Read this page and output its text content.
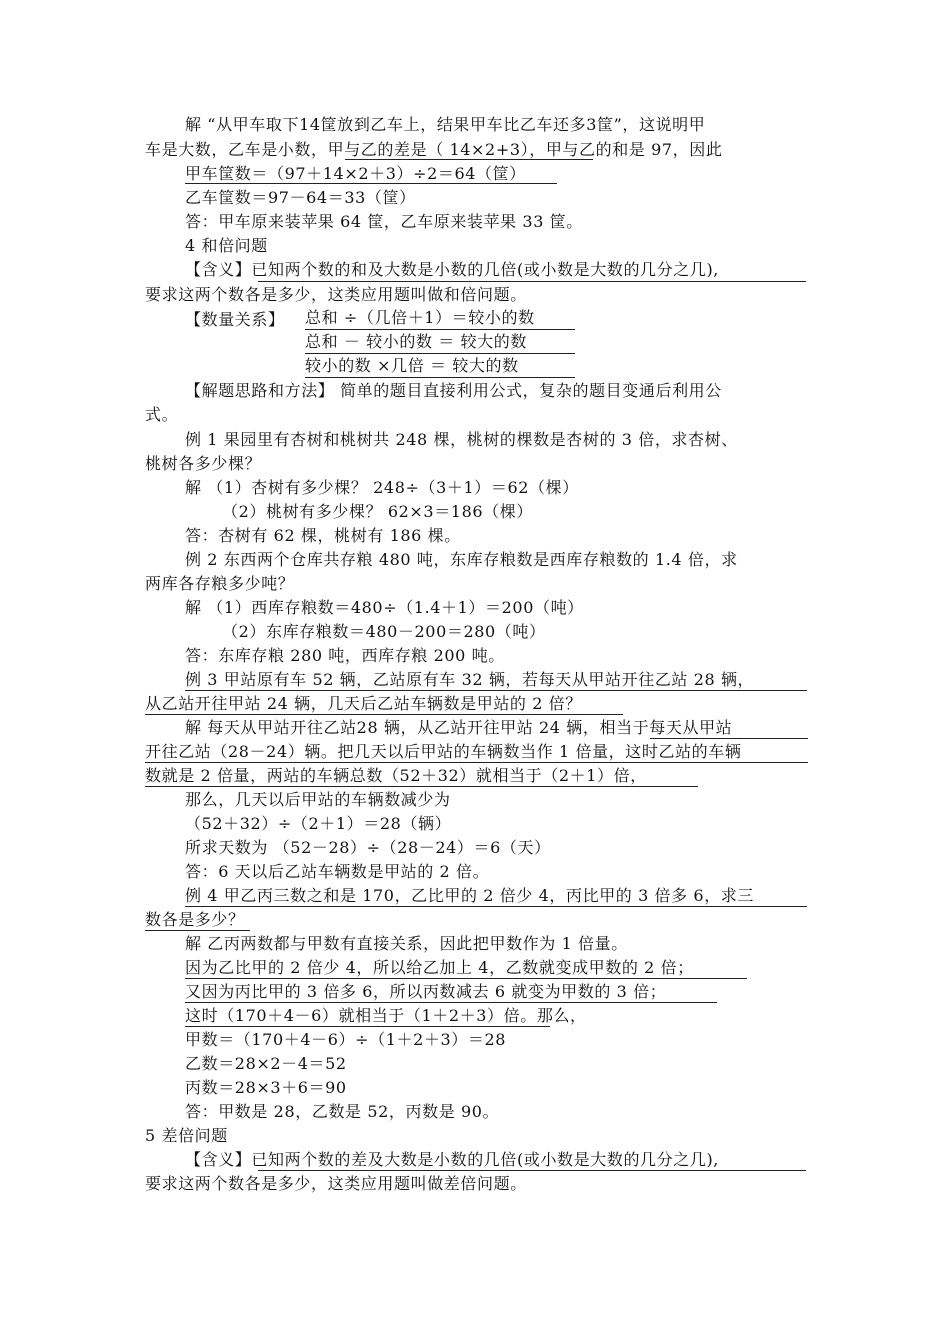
解 “从甲车取下14筐放到乙车上，结果甲车比乙车还多3筐”，这说明甲
车是大数，乙车是小数，甲与乙的差是（ 14×2+3），甲与乙的和是 97，因此
甲车筐数＝（97＋14×2＋3）÷2＝64（筐）
乙车筐数＝97－64＝33（筐）
答：甲车原来装苹果 64 筐，乙车原来装苹果 33 筐。
4 和倍问题
【含义】已知两个数的和及大数是小数的几倍(或小数是大数的几分之几),
要求这两个数各是多少，这类应用题叫做和倍问题。
【数量关系】 总和 ÷（几倍＋1）＝较小的数
总和 － 较小的数 ＝ 较大的数
较小的数 ×几倍 ＝ 较大的数
【解题思路和方法】 简单的题目直接利用公式，复杂的题目变通后利用公
式。
例 1 果园里有杏树和桃树共 248 棵，桃树的棵数是杏树的 3 倍，求杏树、
桃树各多少棵？
解 （1）杏树有多少棵？ 248÷（3＋1）＝62（棵）
（2）桃树有多少棵？ 62×3＝186（棵）
答：杏树有 62 棵，桃树有 186 棵。
例 2 东西两个仓库共存粮 480 吨，东库存粮数是西库存粮数的 1.4 倍，求
两库各存粮多少吨？
解 （1）西库存粮数＝480÷（1.4＋1）＝200（吨）
（2）东库存粮数＝480－200＝280（吨）
答：东库存粮 280 吨，西库存粮 200 吨。
例 3 甲站原有车 52 辆，乙站原有车 32 辆，若每天从甲站开往乙站 28 辆，
从乙站开往甲站 24 辆，几天后乙站车辆数是甲站的 2 倍？
解 每天从甲站开往乙站28 辆，从乙站开往甲站 24 辆，相当于每天从甲站
开往乙站（28－24）辆。把几天以后甲站的车辆数当作 1 倍量，这时乙站的车辆
数就是 2 倍量，两站的车辆总数（52＋32）就相当于（2＋1）倍，
那么，几天以后甲站的车辆数减少为
（52＋32）÷（2＋1）＝28（辆）
所求天数为 （52－28）÷（28－24）＝6（天）
答：6 天以后乙站车辆数是甲站的 2 倍。
例 4 甲乙丙三数之和是 170，乙比甲的 2 倍少 4，丙比甲的 3 倍多 6，求三
数各是多少？
解 乙丙两数都与甲数有直接关系，因此把甲数作为 1 倍量。
因为乙比甲的 2 倍少 4，所以给乙加上 4，乙数就变成甲数的 2 倍；
又因为丙比甲的 3 倍多 6，所以丙数减去 6 就变为甲数的 3 倍；
这时（170＋4－6）就相当于（1＋2＋3）倍。那么，
甲数＝（170＋4－6）÷（1＋2＋3）＝28
乙数＝28×2－4＝52
丙数＝28×3＋6＝90
答：甲数是 28，乙数是 52，丙数是 90。
5 差倍问题
【含义】已知两个数的差及大数是小数的几倍(或小数是大数的几分之几),
要求这两个数各是多少，这类应用题叫做差倍问题。
